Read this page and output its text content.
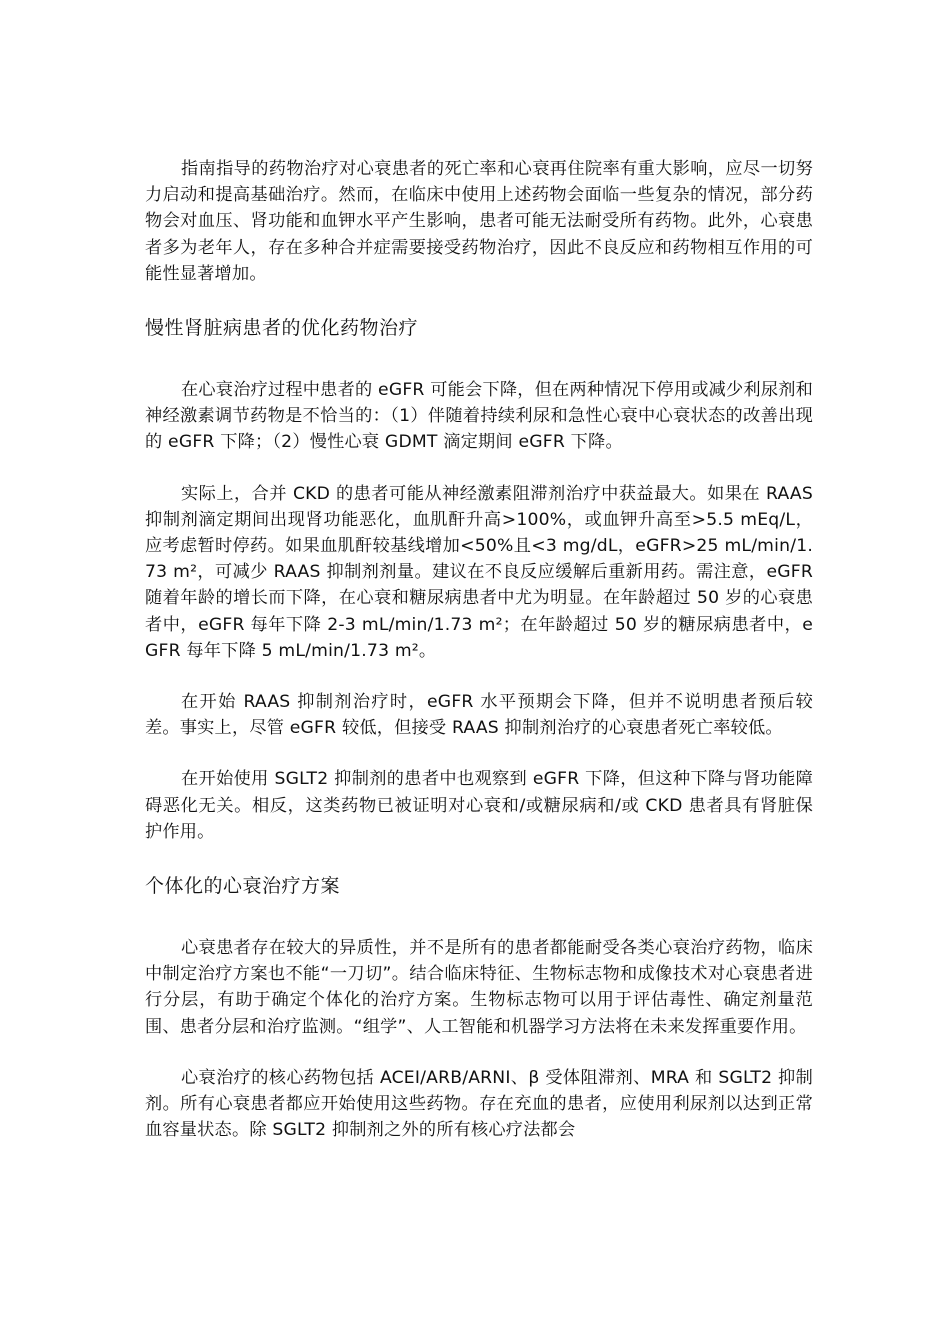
指南指导的药物治疗对心衰患者的死亡率和心衰再住院率有重大影响，应尽一切努力启动和提高基础治疗。然而，在临床中使用上述药物会面临一些复杂的情况，部分药物会对血压、肾功能和血钾水平产生影响，患者可能无法耐受所有药物。此外，心衰患者多为老年人，存在多种合并症需要接受药物治疗，因此不良反应和药物相互作用的可能性显著增加。

慢性肾脏病患者的优化药物治疗

在心衰治疗过程中患者的 eGFR 可能会下降，但在两种情况下停用或减少利尿剂和神经激素调节药物是不恰当的：（1）伴随着持续利尿和急性心衰中心衰状态的改善出现的 eGFR 下降；（2）慢性心衰 GDMT 滴定期间 eGFR 下降。

实际上，合并 CKD 的患者可能从神经激素阻滞剂治疗中获益最大。如果在 RAAS 抑制剂滴定期间出现肾功能恶化，血肌酐升高>100%，或血钾升高至>5.5 mEq/L，应考虑暂时停药。如果血肌酐较基线增加<50%且<3 mg/dL，eGFR>25 mL/min/1.73 m²，可减少 RAAS 抑制剂剂量。建议在不良反应缓解后重新用药。需注意，eGFR 随着年龄的增长而下降，在心衰和糖尿病患者中尤为明显。在年龄超过 50 岁的心衰患者中，eGFR 每年下降 2-3 mL/min/1.73 m²；在年龄超过 50 岁的糖尿病患者中，eGFR 每年下降 5 mL/min/1.73 m²。

在开始 RAAS 抑制剂治疗时，eGFR 水平预期会下降，但并不说明患者预后较差。事实上，尽管 eGFR 较低，但接受 RAAS 抑制剂治疗的心衰患者死亡率较低。

在开始使用 SGLT2 抑制剂的患者中也观察到 eGFR 下降，但这种下降与肾功能障碍恶化无关。相反，这类药物已被证明对心衰和/或糖尿病和/或 CKD 患者具有肾脏保护作用。

个体化的心衰治疗方案

心衰患者存在较大的异质性，并不是所有的患者都能耐受各类心衰治疗药物，临床中制定治疗方案也不能“一刀切”。结合临床特征、生物标志物和成像技术对心衰患者进行分层，有助于确定个体化的治疗方案。生物标志物可以用于评估毒性、确定剂量范围、患者分层和治疗监测。“组学”、人工智能和机器学习方法将在未来发挥重要作用。

心衰治疗的核心药物包括 ACEI/ARB/ARNI、β 受体阻滞剂、MRA 和 SGLT2 抑制剂。所有心衰患者都应开始使用这些药物。存在充血的患者，应使用利尿剂以达到正常血容量状态。除 SGLT2 抑制剂之外的所有核心疗法都会
